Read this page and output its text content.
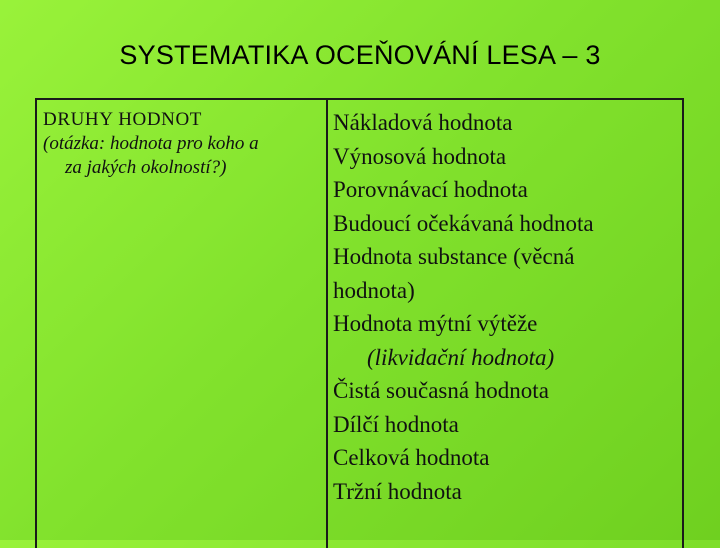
SYSTEMATIKA OCEŇOVÁNÍ LESA – 3
DRUHY HODNOT
(otázka: hodnota pro koho a
za jakých okolností?)
Nákladová hodnota
Výnosová hodnota
Porovnávací hodnota
Budoucí očekávaná hodnota
Hodnota substance (věcná
hodnota)
Hodnota mýtní výtěže
(likvidační hodnota)
Čistá současná hodnota
Dílčí hodnota
Celková hodnota
Tržní hodnota
